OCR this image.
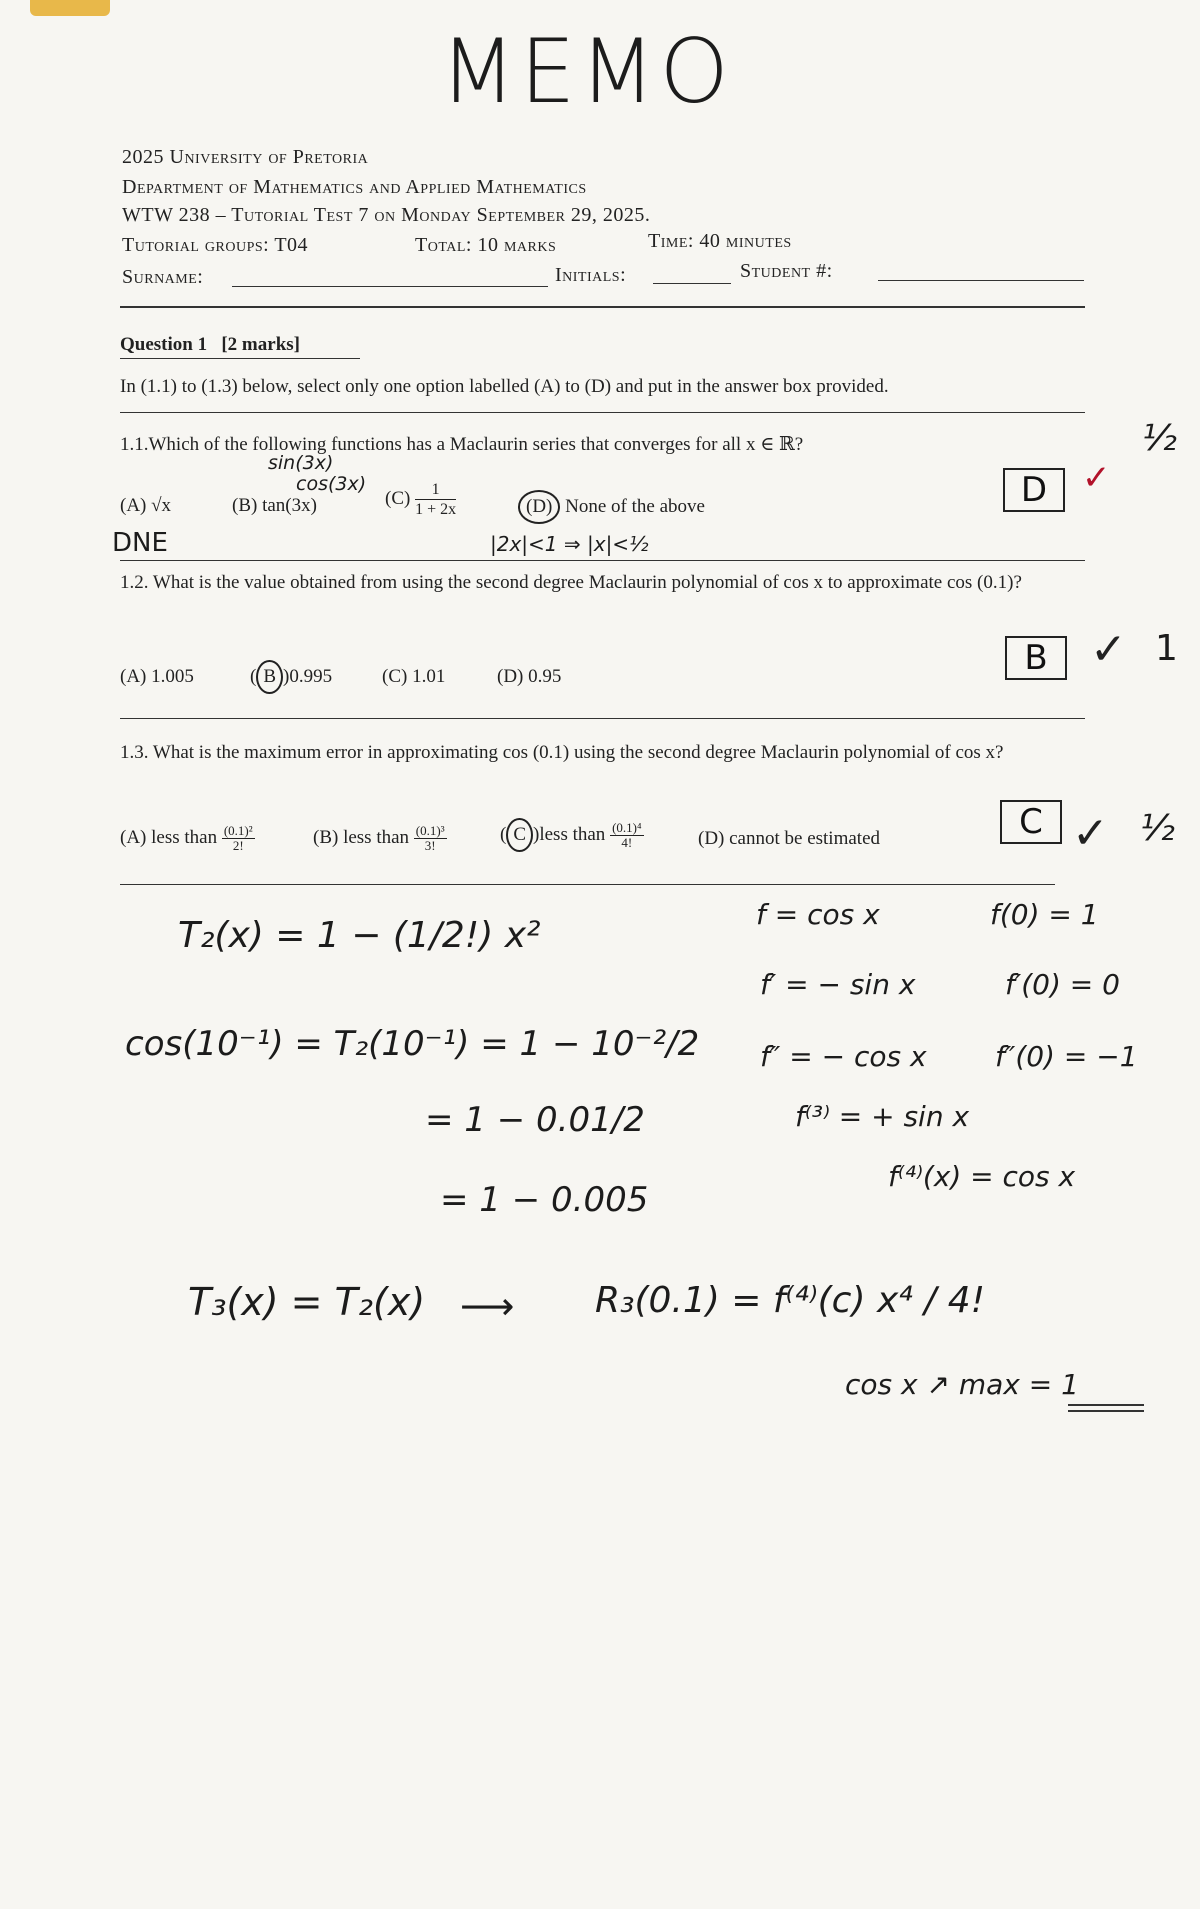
MEMO
2025 University of Pretoria
Department of Mathematics and Applied Mathematics
WTW 238 – Tutorial Test 7 on Monday September 29, 2025.
Tutorial groups: T04	Total: 10 marks	Time: 40 minutes
Surname:	Initials:	Student #:
Question 1 [2 marks]
In (1.1) to (1.3) below, select only one option labelled (A) to (D) and put in the answer box provided.
1.1.Which of the following functions has a Maclaurin series that converges for all x ∈ ℝ?
sin(3x)
cos(3x)
(A) √x	(B) tan(3x)	$(C) \frac{1}{1 + 2x}$	(D) None of the above
DNE	|2x|<1 ⇒ |x|<½
D	✓
½
1.2. What is the value obtained from using the second degree Maclaurin polynomial of cos x to approximate cos (0.1)?
(A) 1.005	( B )0.995	(C) 1.01	(D) 0.95	B ✓ 1
1.3. What is the maximum error in approximating cos (0.1) using the second degree Maclaurin polynomial of cos x?
(A) less than $\frac{\text{(0.1)²}}{2!}$	(B) less than $\frac{\text{(0.1)³}}{3!}$	( C )less than $\frac{\text{(0.1)⁴}}{4!}$	(D) cannot be estimated	C ✓ ½
T₂(x) = 1 − (1/2!) x²
cos(10⁻¹) = T₂(10⁻¹) = 1 − 10⁻²/2
= 1 − 0.01/2
= 1 − 0.005
f = cos x	f(0) = 1
f′ = − sin x	f′(0) = 0
f″ = − cos x f″(0) = −1
f⁽³⁾ = + sin x
f⁽⁴⁾(x) = cos x
T₃(x) = T₂(x) ⟶ R₃(0.1) = f⁽⁴⁾(c) x⁴ / 4!
cos x ↗ max = 1
